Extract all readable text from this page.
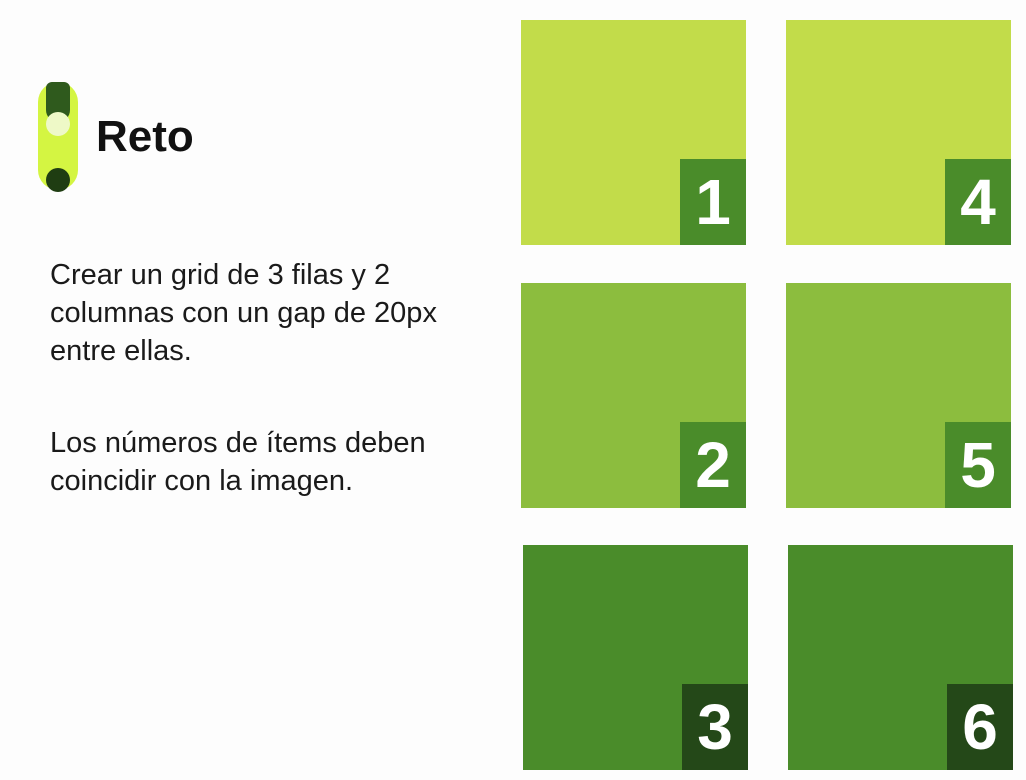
Reto
Crear un grid de 3 filas y 2 columnas con un gap de 20px entre ellas.
Los números de ítems deben coincidir con la imagen.
1
2
3
4
5
6
